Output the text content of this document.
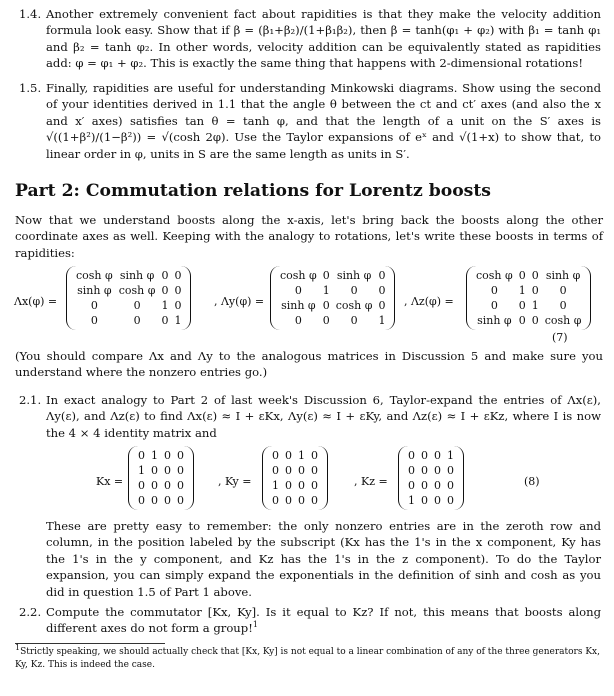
1.4. Another extremely convenient fact about rapidities is that they make the velocity addition formula look easy. Show that if β = (β₁+β₂)/(1+β₁β₂), then β = tanh(φ₁ + φ₂) with β₁ = tanh φ₁ and β₂ = tanh φ₂. In other words, velocity addition can be equivalently stated as rapidities add: φ = φ₁ + φ₂. This is exactly the same thing that happens with 2-dimensional rotations!
1.5. Finally, rapidities are useful for understanding Minkowski diagrams. Show using the second of your identities derived in 1.1 that the angle θ between the ct and ct′ axes (and also the x and x′ axes) satisfies tan θ = tanh φ, and that the length of a unit on the S′ axes is √((1+β²)/(1−β²)) = √(cosh 2φ). Use the Taylor expansions of eˣ and √(1+x) to show that, to linear order in φ, units in S are the same length as units in S′.
Part 2: Commutation relations for Lorentz boosts
Now that we understand boosts along the x-axis, let's bring back the boosts along the other coordinate axes as well. Keeping with the analogy to rotations, let's write these boosts in terms of rapidities:
Λx(φ) =
cosh φ	sinh φ	0	0
sinh φ	cosh φ	0	0
0	0	1	0
0	0	0	1
, Λy(φ) =
cosh φ	0	sinh φ	0
0	1	0	0
sinh φ	0	cosh φ	0
0	0	0	1
, Λz(φ) =
cosh φ	0	0	sinh φ
0	1	0	0
0	0	1	0
sinh φ	0	0	cosh φ
(7)
(You should compare Λx and Λy to the analogous matrices in Discussion 5 and make sure you understand where the nonzero entries go.)
2.1. In exact analogy to Part 2 of last week's Discussion 6, Taylor-expand the entries of Λx(ε), Λy(ε), and Λz(ε) to find Λx(ε) ≈ I + εKx, Λy(ε) ≈ I + εKy, and Λz(ε) ≈ I + εKz, where I is now the 4 × 4 identity matrix and
Kx =
0	1	0	0
1	0	0	0
0	0	0	0
0	0	0	0
, Ky =
0	0	1	0
0	0	0	0
1	0	0	0
0	0	0	0
, Kz =
0	0	0	1
0	0	0	0
0	0	0	0
1	0	0	0
(8)
These are pretty easy to remember: the only nonzero entries are in the zeroth row and column, in the position labeled by the subscript (Kx has the 1's in the x component, Ky has the 1's in the y component, and Kz has the 1's in the z component). To do the Taylor expansion, you can simply expand the exponentials in the definition of sinh and cosh as you did in question 1.5 of Part 1 above.
2.2. Compute the commutator [Kx, Ky]. Is it equal to Kz? If not, this means that boosts along different axes do not form a group!$^1$
1Strictly speaking, we should actually check that [Kx, Ky] is not equal to a linear combination of any of the three generators Kx, Ky, Kz. This is indeed the case.
